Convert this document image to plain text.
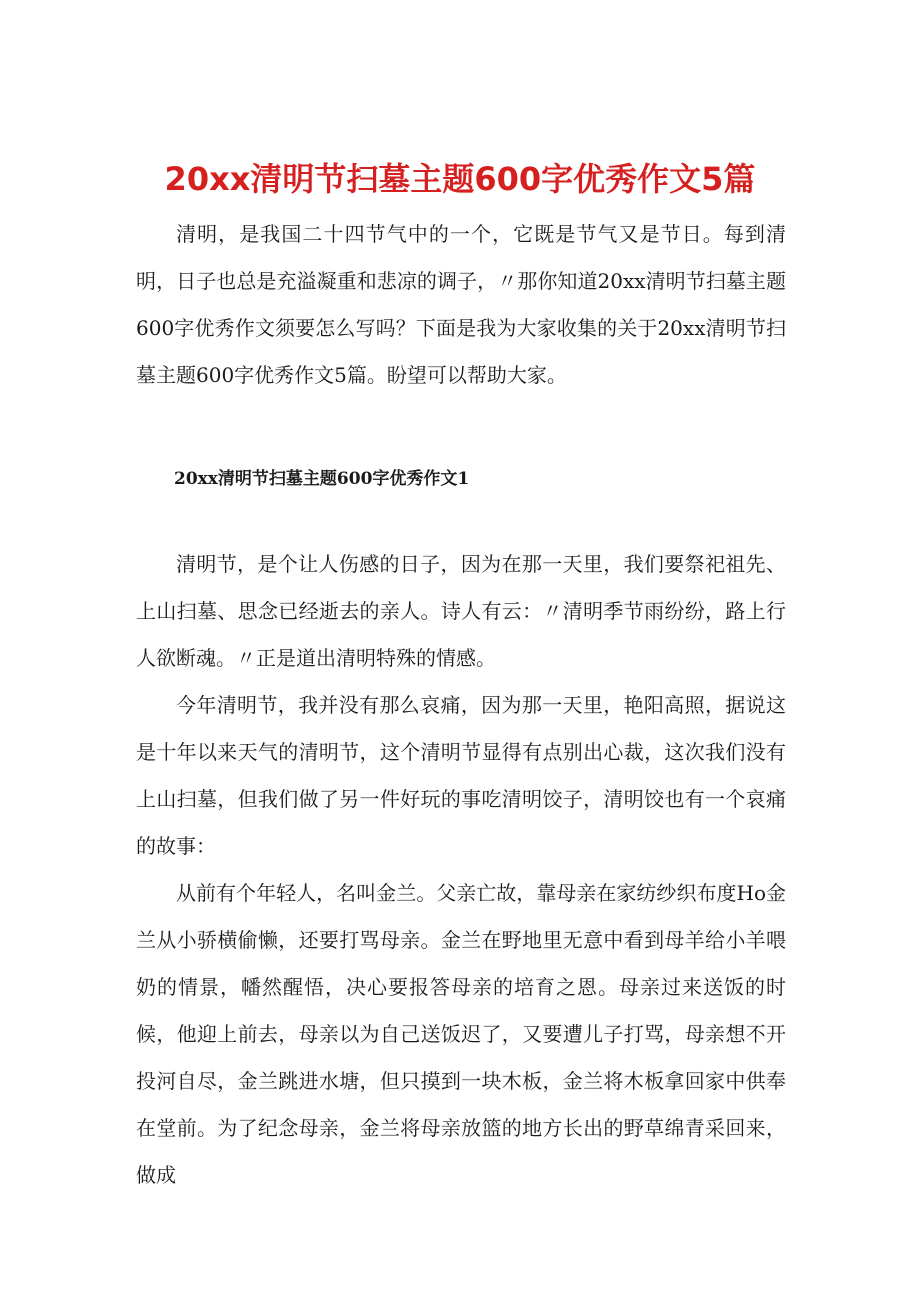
20xx清明节扫墓主题600字优秀作文5篇

清明，是我国二十四节气中的一个，它既是节气又是节日。每到清明，日子也总是充溢凝重和悲凉的调子，〃那你知道20xx清明节扫墓主题600字优秀作文须要怎么写吗？下面是我为大家收集的关于20xx清明节扫墓主题600字优秀作文5篇。盼望可以帮助大家。

20xx清明节扫墓主题600字优秀作文1

清明节，是个让人伤感的日子，因为在那一天里，我们要祭祀祖先、上山扫墓、思念已经逝去的亲人。诗人有云：〃清明季节雨纷纷，路上行人欲断魂。〃正是道出清明特殊的情感。

今年清明节，我并没有那么哀痛，因为那一天里，艳阳高照，据说这是十年以来天气的清明节，这个清明节显得有点别出心裁，这次我们没有上山扫墓，但我们做了另一件好玩的事吃清明饺子，清明饺也有一个哀痛的故事：

从前有个年轻人，名叫金兰。父亲亡故，靠母亲在家纺纱织布度Ho金兰从小骄横偷懒，还要打骂母亲。金兰在野地里无意中看到母羊给小羊喂奶的情景，幡然醒悟，决心要报答母亲的培育之恩。母亲过来送饭的时候，他迎上前去，母亲以为自己送饭迟了，又要遭儿子打骂，母亲想不开投河自尽，金兰跳进水塘，但只摸到一块木板，金兰将木板拿回家中供奉在堂前。为了纪念母亲，金兰将母亲放篮的地方长出的野草绵青采回来，做成
